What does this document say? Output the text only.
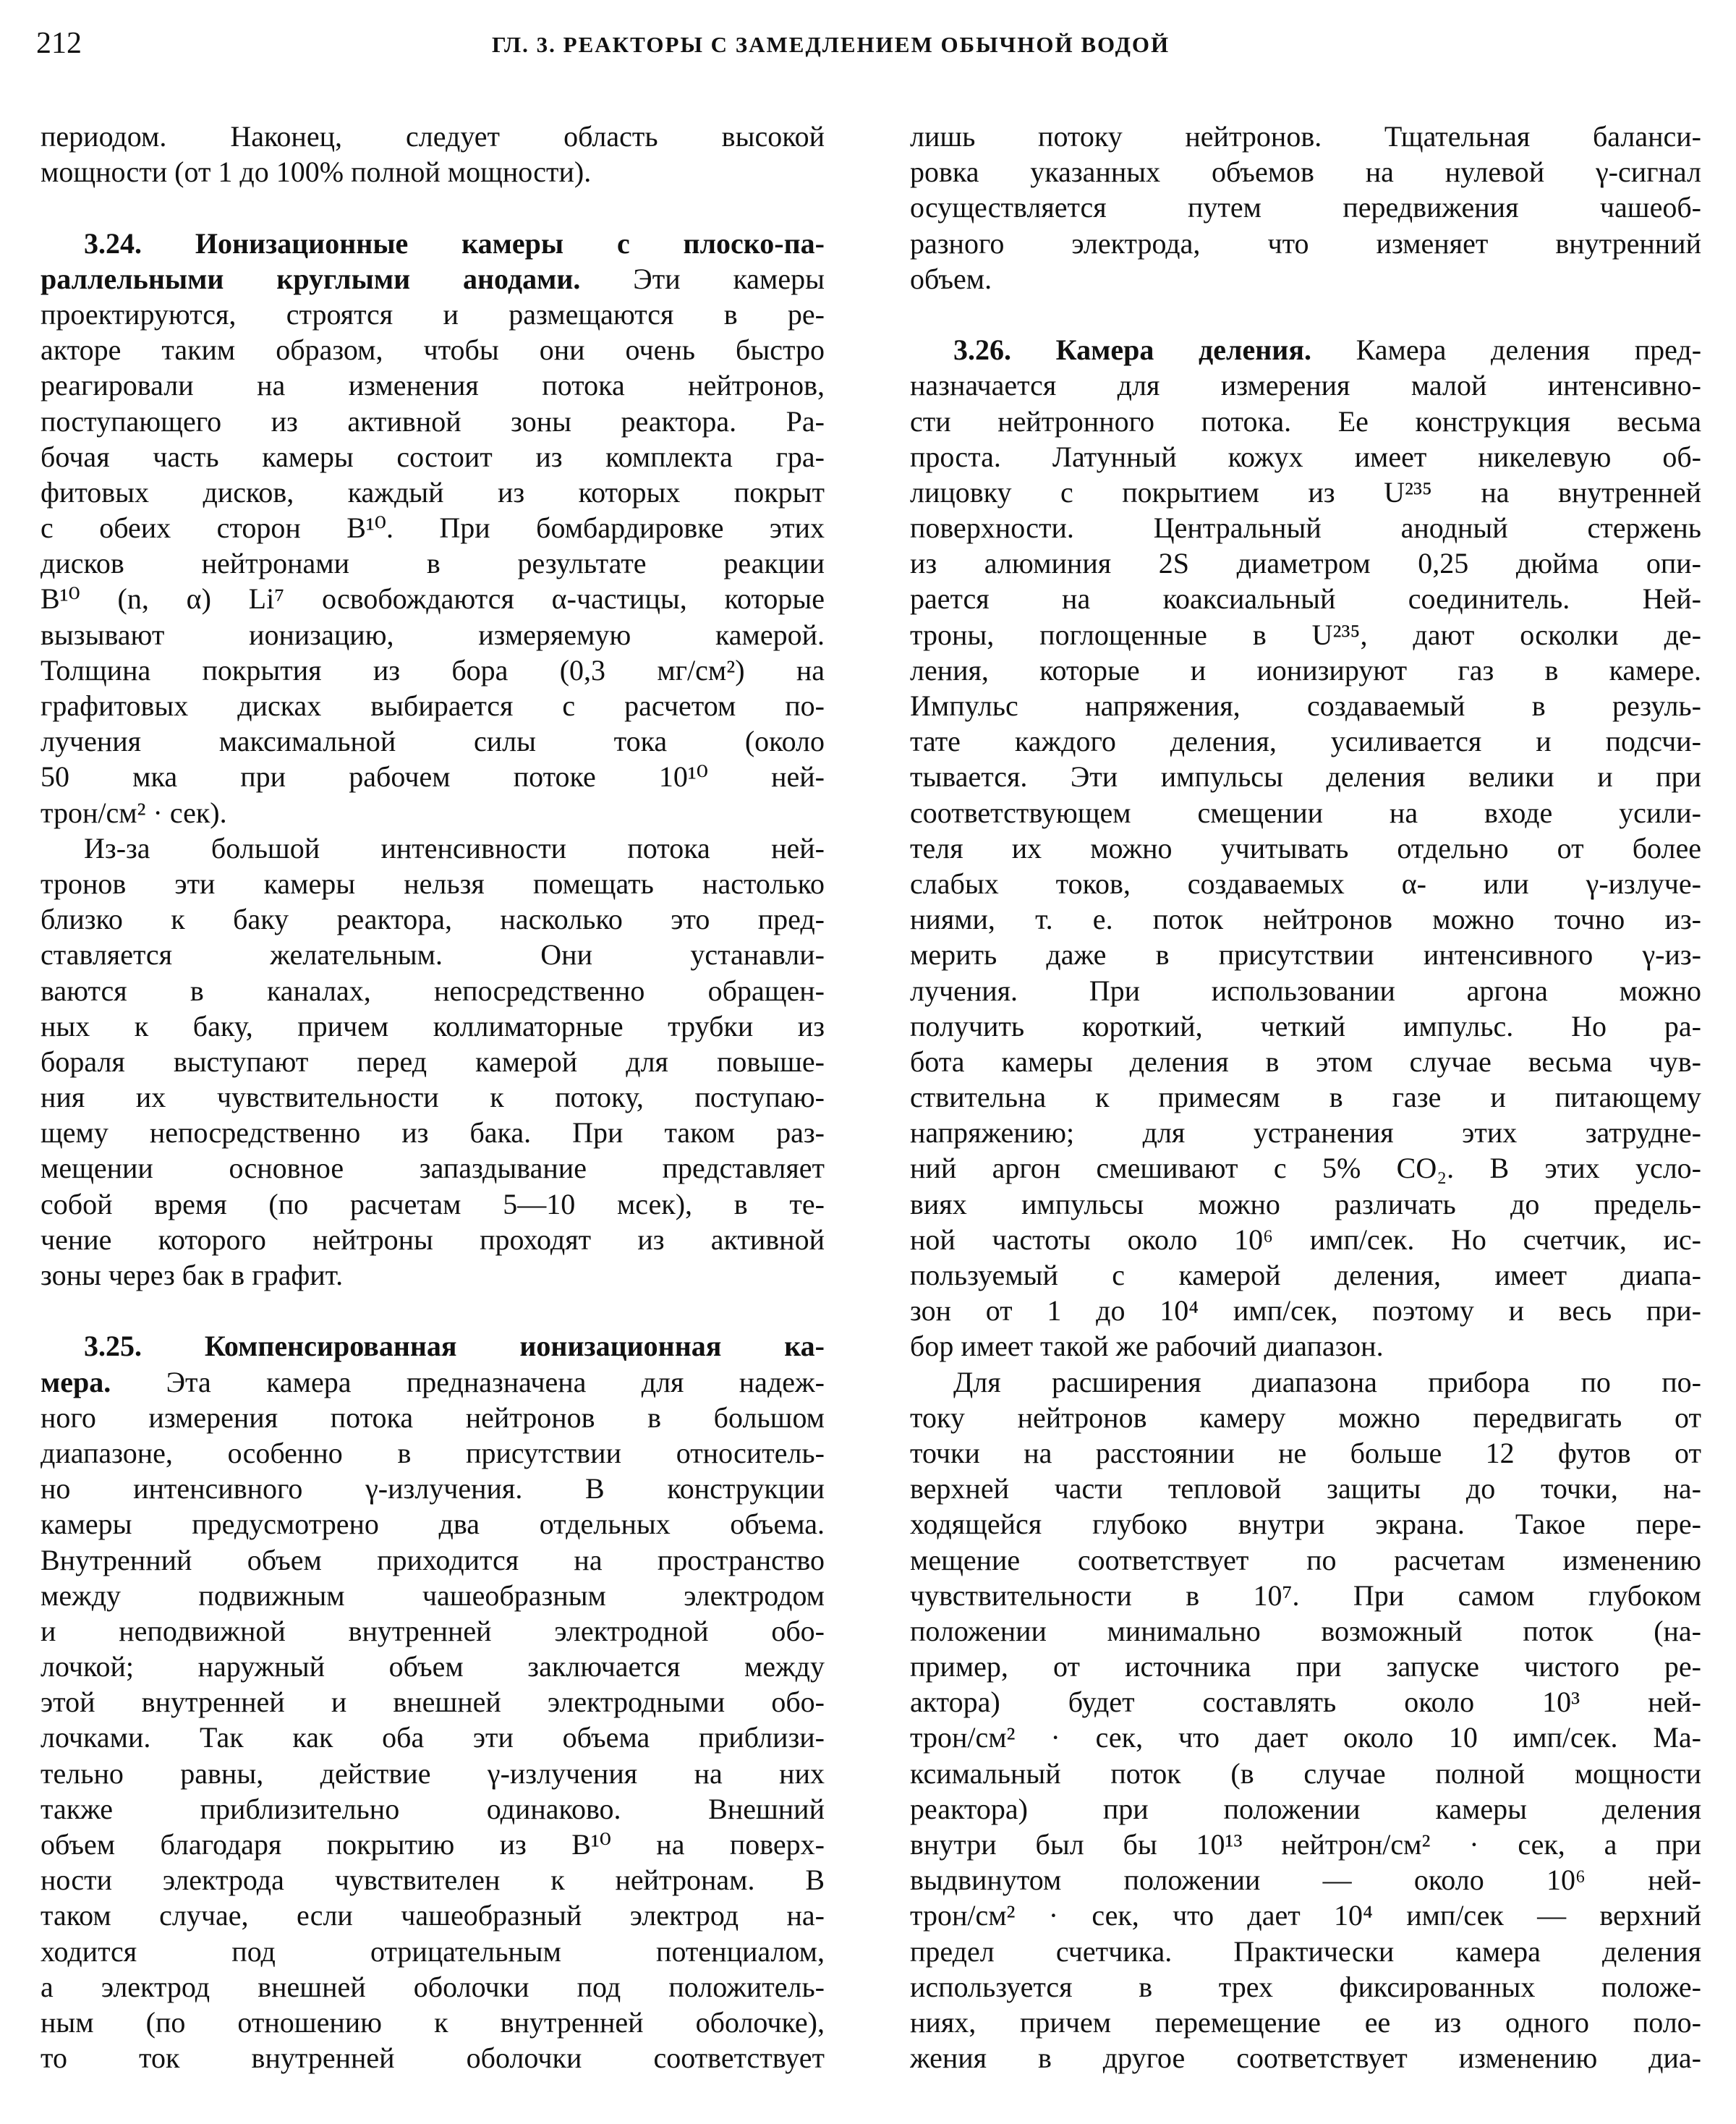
212	ГЛ. 3. РЕАКТОРЫ С ЗАМЕДЛЕНИЕМ ОБЫЧНОЙ ВОДОЙ
периодом. Наконец, следует область высокой
мощности (от 1 до 100% полной мощности).
3.24. Ионизационные камеры с плоско-па-
раллельными круглыми анодами. Эти камеры
проектируются, строятся и размещаются в ре-
акторе таким образом, чтобы они очень быстро
реагировали на изменения потока нейтронов,
поступающего из активной зоны реактора. Ра-
бочая часть камеры состоит из комплекта гра-
фитовых дисков, каждый из которых покрыт
с обеих сторон B¹⁰. При бомбардировке этих
дисков нейтронами в результате реакции
B¹⁰ (n, α) Li⁷ освобождаются α-частицы, которые
вызывают ионизацию, измеряемую камерой.
Толщина покрытия из бора (0,3 мг/см²) на
графитовых дисках выбирается с расчетом по-
лучения максимальной силы тока (около
50 мка при рабочем потоке 10¹⁰ ней-
трон/см² · сек).
Из-за большой интенсивности потока ней-
тронов эти камеры нельзя помещать настолько
близко к баку реактора, насколько это пред-
ставляется желательным. Они устанавли-
ваются в каналах, непосредственно обращен-
ных к баку, причем коллиматорные трубки из
бораля выступают перед камерой для повыше-
ния их чувствительности к потоку, поступаю-
щему непосредственно из бака. При таком раз-
мещении основное запаздывание представляет
собой время (по расчетам 5—10 мсек), в те-
чение которого нейтроны проходят из активной
зоны через бак в графит.
3.25. Компенсированная ионизационная ка-
мера. Эта камера предназначена для надеж-
ного измерения потока нейтронов в большом
диапазоне, особенно в присутствии относитель-
но интенсивного γ-излучения. В конструкции
камеры предусмотрено два отдельных объема.
Внутренний объем приходится на пространство
между подвижным чашеобразным электродом
и неподвижной внутренней электродной обо-
лочкой; наружный объем заключается между
этой внутренней и внешней электродными обо-
лочками. Так как оба эти объема приблизи-
тельно равны, действие γ-излучения на них
также приблизительно одинаково. Внешний
объем благодаря покрытию из B¹⁰ на поверх-
ности электрода чувствителен к нейтронам. В
таком случае, если чашеобразный электрод на-
ходится под отрицательным потенциалом,
а электрод внешней оболочки под положитель-
ным (по отношению к внутренней оболочке),
то ток внутренней оболочки соответствует
лишь потоку нейтронов. Тщательная баланси-
ровка указанных объемов на нулевой γ-сигнал
осуществляется путем передвижения чашеоб-
разного электрода, что изменяет внутренний
объем.
3.26. Камера деления. Камера деления пред-
назначается для измерения малой интенсивно-
сти нейтронного потока. Ее конструкция весьма
проста. Латунный кожух имеет никелевую об-
лицовку с покрытием из U²³⁵ на внутренней
поверхности. Центральный анодный стержень
из алюминия 2S диаметром 0,25 дюйма опи-
рается на коаксиальный соединитель. Ней-
троны, поглощенные в U²³⁵, дают осколки де-
ления, которые и ионизируют газ в камере.
Импульс напряжения, создаваемый в резуль-
тате каждого деления, усиливается и подсчи-
тывается. Эти импульсы деления велики и при
соответствующем смещении на входе усили-
теля их можно учитывать отдельно от более
слабых токов, создаваемых α- или γ-излуче-
ниями, т. е. поток нейтронов можно точно из-
мерить даже в присутствии интенсивного γ-из-
лучения. При использовании аргона можно
получить короткий, четкий импульс. Но ра-
бота камеры деления в этом случае весьма чув-
ствительна к примесям в газе и питающему
напряжению; для устранения этих затрудне-
ний аргон смешивают с 5% CO₂. В этих усло-
виях импульсы можно различать до предель-
ной частоты около 10⁶ имп/сек. Но счетчик, ис-
пользуемый с камерой деления, имеет диапа-
зон от 1 до 10⁴ имп/сек, поэтому и весь при-
бор имеет такой же рабочий диапазон.
Для расширения диапазона прибора по по-
току нейтронов камеру можно передвигать от
точки на расстоянии не больше 12 футов от
верхней части тепловой защиты до точки, на-
ходящейся глубоко внутри экрана. Такое пере-
мещение соответствует по расчетам изменению
чувствительности в 10⁷. При самом глубоком
положении минимально возможный поток (на-
пример, от источника при запуске чистого ре-
актора) будет составлять около 10³ ней-
трон/см² · сек, что дает около 10 имп/сек. Ма-
ксимальный поток (в случае полной мощности
реактора) при положении камеры деления
внутри был бы 10¹³ нейтрон/см² · сек, а при
выдвинутом положении — около 10⁶ ней-
трон/см² · сек, что дает 10⁴ имп/сек — верхний
предел счетчика. Практически камера деления
используется в трех фиксированных положе-
ниях, причем перемещение ее из одного поло-
жения в другое соответствует изменению диа-
